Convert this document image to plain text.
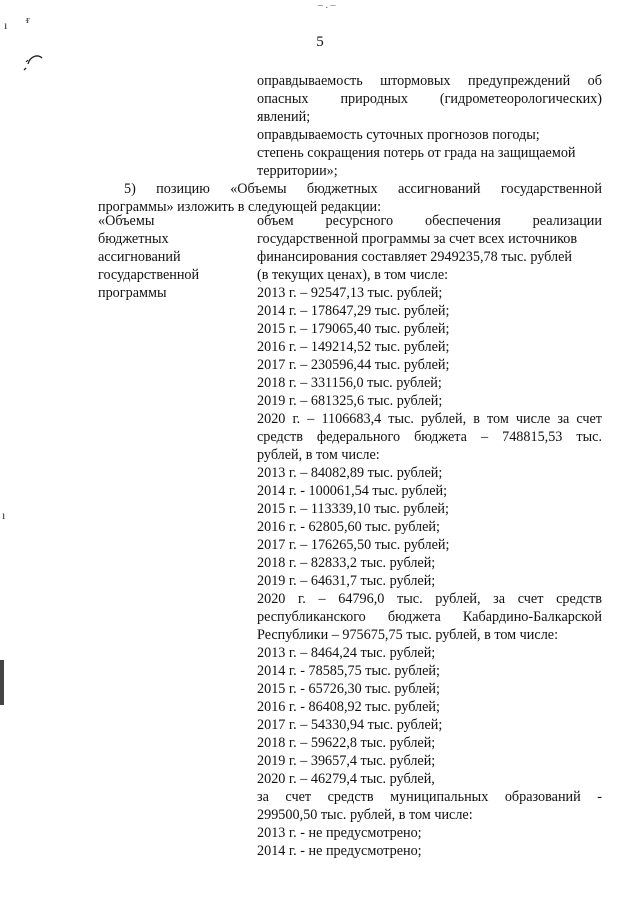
– . –
5
ı ᵲ
ı
оправдываемость штормовых предупреждений об
опасных природных (гидрометеорологических)
явлений;
оправдываемость суточных прогнозов погоды;
степень сокращения потерь от града на защищаемой
территории»;
5) позицию «Объемы бюджетных ассигнований государственной
программы» изложить в следующей редакции:
«Объемы
бюджетных
ассигнований
государственной
программы
объем ресурсного обеспечения реализации
государственной программы за счет всех источников
финансирования составляет 2949235,78 тыс. рублей
(в текущих ценах), в том числе:
2013 г. – 92547,13 тыс. рублей;
2014 г. – 178647,29 тыс. рублей;
2015 г. – 179065,40 тыс. рублей;
2016 г. – 149214,52 тыс. рублей;
2017 г. – 230596,44 тыс. рублей;
2018 г. – 331156,0 тыс. рублей;
2019 г. – 681325,6 тыс. рублей;
2020 г. – 1106683,4 тыс. рублей, в том числе за счет
средств федерального бюджета – 748815,53 тыс.
рублей, в том числе:
2013 г. – 84082,89 тыс. рублей;
2014 г. - 100061,54 тыс. рублей;
2015 г. – 113339,10 тыс. рублей;
2016 г. - 62805,60 тыс. рублей;
2017 г. – 176265,50 тыс. рублей;
2018 г. – 82833,2 тыс. рублей;
2019 г. – 64631,7 тыс. рублей;
2020 г. – 64796,0 тыс. рублей, за счет средств
республиканского бюджета Кабардино-Балкарской
Республики – 975675,75 тыс. рублей, в том числе:
2013 г. – 8464,24 тыс. рублей;
2014 г. - 78585,75 тыс. рублей;
2015 г. - 65726,30 тыс. рублей;
2016 г. - 86408,92 тыс. рублей;
2017 г. – 54330,94 тыс. рублей;
2018 г. – 59622,8 тыс. рублей;
2019 г. – 39657,4 тыс. рублей;
2020 г. – 46279,4 тыс. рублей,
за счет средств муниципальных образований -
299500,50 тыс. рублей, в том числе:
2013 г. - не предусмотрено;
2014 г. - не предусмотрено;
